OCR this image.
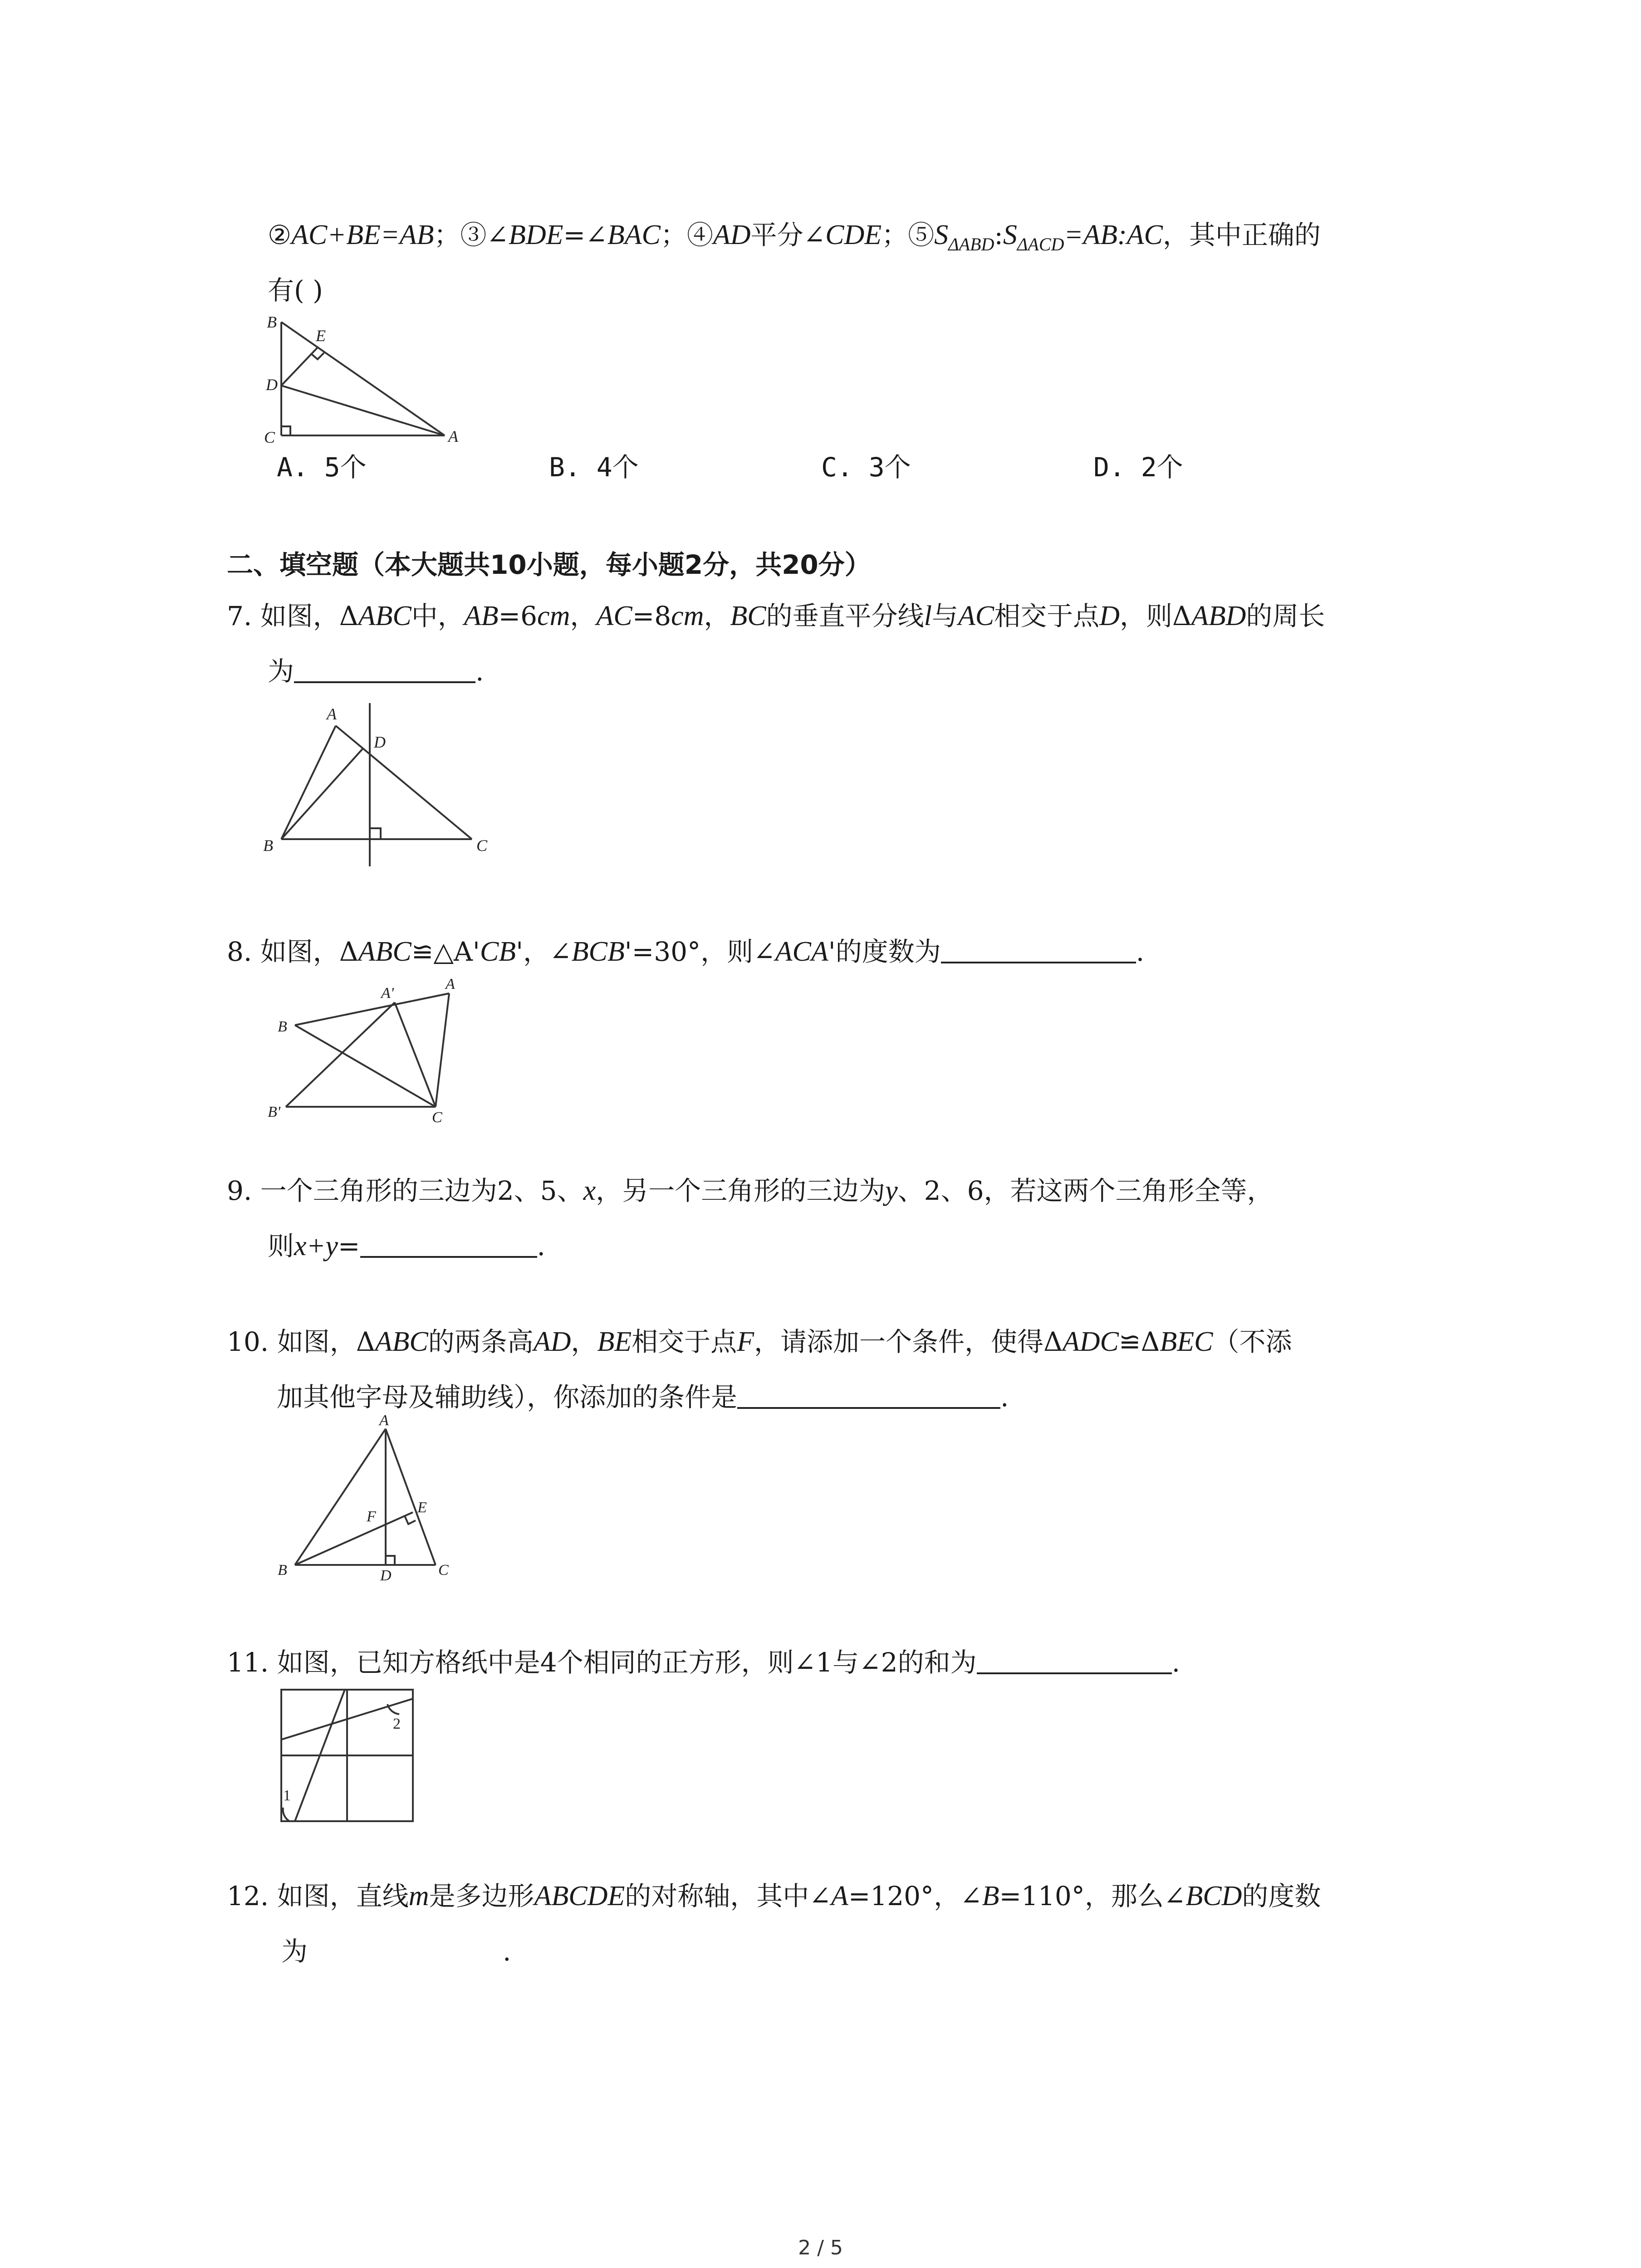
②AC+BE=AB；③∠BDE=∠BAC；④AD平分∠CDE；$⑤S_{\Delta ABD}:S_{\Delta ACD}=AB:AC$，其中正确的
有( )
B
E
D
C	A
A. 5个	B. 4个	C. 3个	D. 2个
二、填空题（本大题共10小题，每小题2分，共20分）
7. 如图，ΔABC中，AB=6cm，AC=8cm，BC的垂直平分线l与AC相交于点D，则ΔABD的周长
为	.
A
D
B	C
8. 如图，ΔABC≌△A'CB'，∠BCB'=30°，则∠ACA'的度数为	.
A'
A
B
B'	C
9. 一个三角形的三边为2、5、x，另一个三角形的三边为y、2、6，若这两个三角形全等，
则x+y=	.
10. 如图，ΔABC的两条高AD，BE相交于点F，请添加一个条件，使得ΔADC≌ΔBEC（不添
加其他字母及辅助线），你添加的条件是	.
A
F
E
B	D	C
11. 如图，已知方格纸中是4个相同的正方形，则∠1与∠2的和为	.
1
2
12. 如图，直线m是多边形ABCDE的对称轴，其中∠A=120°，∠B=110°，那么∠BCD的度数
为	.
2 / 5
